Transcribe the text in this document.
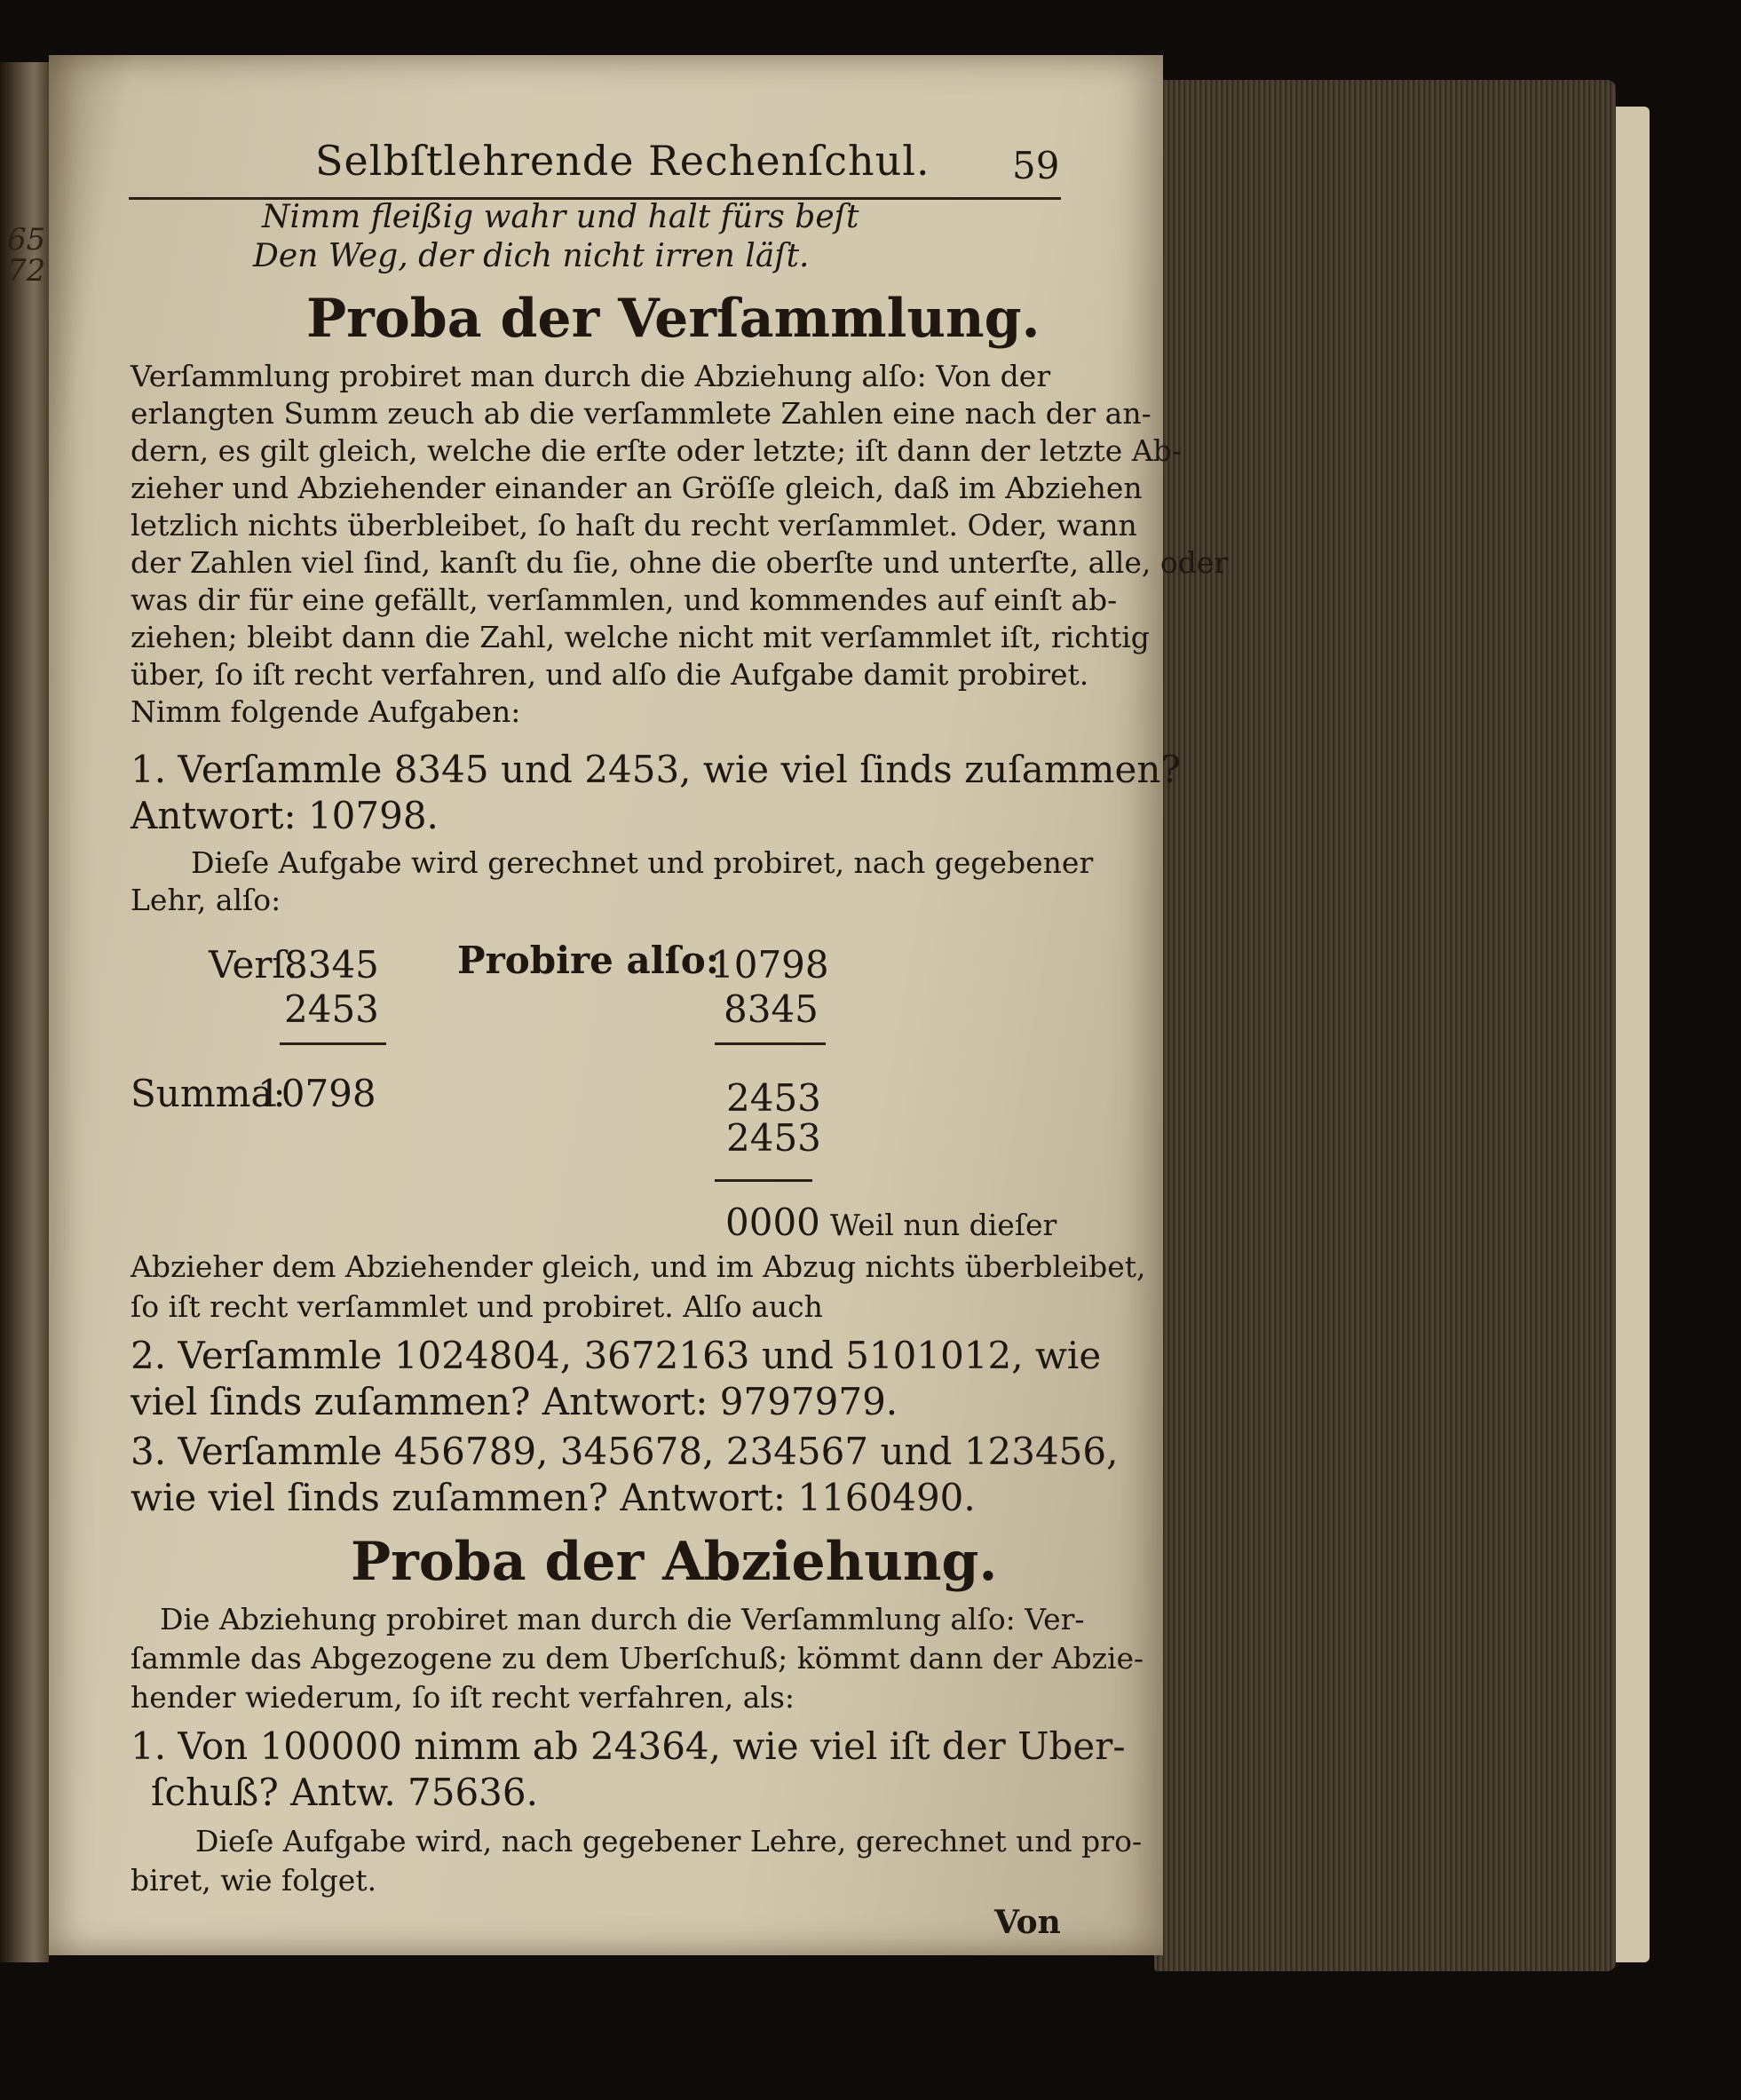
65
72
Selbſtlehrende Rechenſchul. 59
Nimm fleißig wahr und halt fürs beſt
Den Weg, der dich nicht irren läſt.
Proba der Verſammlung.
Verſammlung probiret man durch die Abziehung alſo: Von der
erlangten Summ zeuch ab die verſammlete Zahlen eine nach der an-
dern, es gilt gleich, welche die erſte oder letzte; iſt dann der letzte Ab-
zieher und Abziehender einander an Gröſſe gleich, daß im Abziehen
letzlich nichts überbleibet, ſo haſt du recht verſammlet. Oder, wann
der Zahlen viel ſind, kanſt du ſie, ohne die oberſte und unterſte, alle, oder
was dir für eine gefällt, verſammlen, und kommendes auf einſt ab-
ziehen; bleibt dann die Zahl, welche nicht mit verſammlet iſt, richtig
über, ſo iſt recht verfahren, und alſo die Aufgabe damit probiret.
Nimm folgende Aufgaben:
1. Verſammle 8345 und 2453, wie viel ſinds zuſammen?
Antwort: 10798.
Dieſe Aufgabe wird gerechnet und probiret, nach gegebener
Lehr, alſo:
Verſ.
8345
2453
Summa:
10798
Probire alſo:
10798
8345
2453
2453
0000 Weil nun dieſer
Abzieher dem Abziehender gleich, und im Abzug nichts überbleibet,
ſo iſt recht verſammlet und probiret. Alſo auch
2. Verſammle 1024804, 3672163 und 5101012, wie
viel ſinds zuſammen? Antwort: 9797979.
3. Verſammle 456789, 345678, 234567 und 123456,
wie viel ſinds zuſammen? Antwort: 1160490.
Proba der Abziehung.
Die Abziehung probiret man durch die Verſammlung alſo: Ver-
ſammle das Abgezogene zu dem Uberſchuß; kömmt dann der Abzie-
hender wiederum, ſo iſt recht verfahren, als:
1. Von 100000 nimm ab 24364, wie viel iſt der Uber-
ſchuß? Antw. 75636.
Dieſe Aufgabe wird, nach gegebener Lehre, gerechnet und pro-
biret, wie folget.
Von
